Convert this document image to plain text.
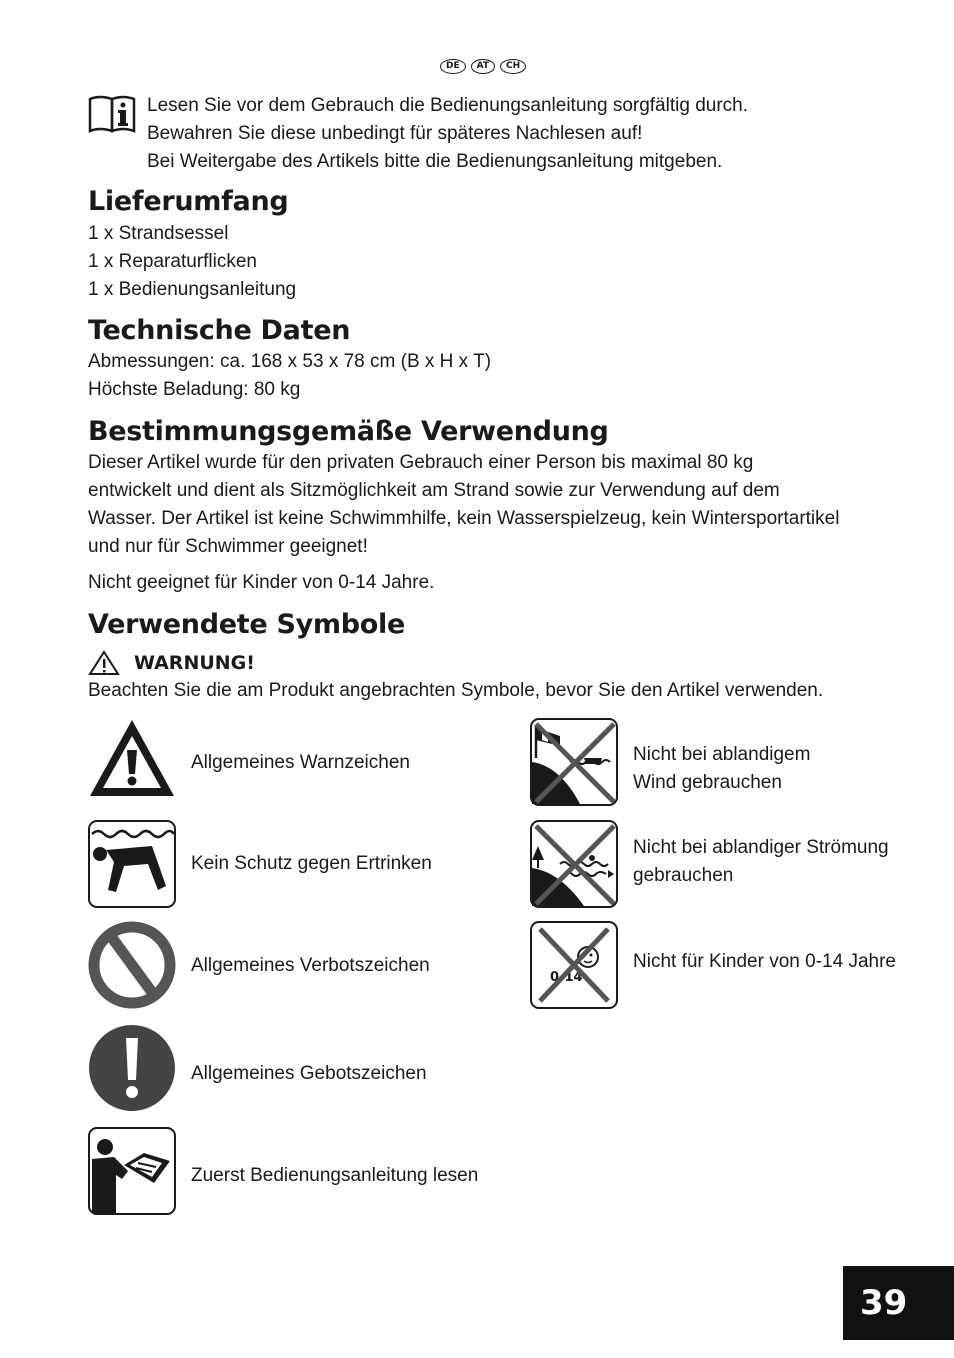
DE	AT	CH
Lesen Sie vor dem Gebrauch die Bedienungsanleitung sorgfältig durch.
Bewahren Sie diese unbedingt für späteres Nachlesen auf!
Bei Weitergabe des Artikels bitte die Bedienungsanleitung mitgeben.
Lieferumfang
1 x Strandsessel
1 x Reparaturflicken
1 x Bedienungsanleitung
Technische Daten
Abmessungen: ca. 168 x 53 x 78 cm (B x H x T)
Höchste Beladung: 80 kg
Bestimmungsgemäße Verwendung
Dieser Artikel wurde für den privaten Gebrauch einer Person bis maximal 80 kg
entwickelt und dient als Sitzmöglichkeit am Strand sowie zur Verwendung auf dem
Wasser. Der Artikel ist keine Schwimmhilfe, kein Wasserspielzeug, kein Wintersportartikel
und nur für Schwimmer geeignet!
Nicht geeignet für Kinder von 0-14 Jahre.
Verwendete Symbole
WARNUNG!
Beachten Sie die am Produkt angebrachten Symbole, bevor Sie den Artikel verwenden.
Allgemeines Warnzeichen
Kein Schutz gegen Ertrinken
Allgemeines Verbotszeichen
Allgemeines Gebotszeichen
Zuerst Bedienungsanleitung lesen
Nicht bei ablandigem
Wind gebrauchen
Nicht bei ablandiger Strömung
gebrauchen
0-14
Nicht für Kinder von 0-14 Jahre
39
